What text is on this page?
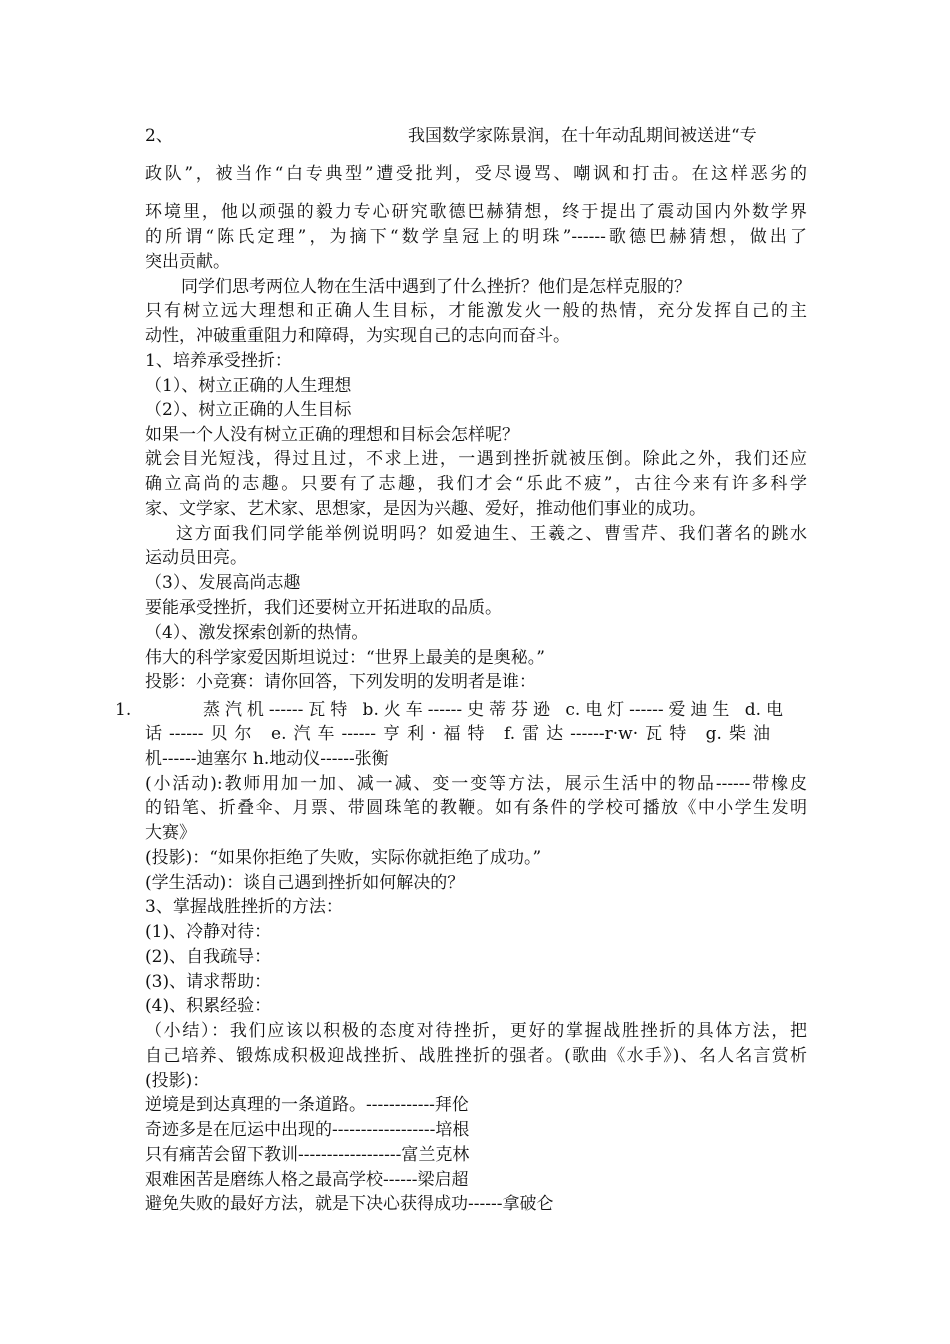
2、	我国数学家陈景润，在十年动乱期间被送进“专
政队”，被当作“白专典型”遭受批判，受尽谩骂、嘲讽和打击。在这样恶劣的
环境里，他以顽强的毅力专心研究歌德巴赫猜想，终于提出了震动国内外数学界
的所谓“陈氏定理”，为摘下“数学皇冠上的明珠”------歌德巴赫猜想，做出了
突出贡献。
同学们思考两位人物在生活中遇到了什么挫折？他们是怎样克服的？
只有树立远大理想和正确人生目标，才能激发火一般的热情，充分发挥自己的主
动性，冲破重重阻力和障碍，为实现自己的志向而奋斗。
1、培养承受挫折：
（1）、树立正确的人生理想
（2）、树立正确的人生目标
如果一个人没有树立正确的理想和目标会怎样呢？
就会目光短浅，得过且过，不求上进，一遇到挫折就被压倒。除此之外，我们还应
确立高尚的志趣。只要有了志趣，我们才会“乐此不疲”，古往今来有许多科学
家、文学家、艺术家、思想家，是因为兴趣、爱好，推动他们事业的成功。
这方面我们同学能举例说明吗？如爱迪生、王羲之、曹雪芹、我们著名的跳水
运动员田亮。
（3）、发展高尚志趣
要能承受挫折，我们还要树立开拓进取的品质。
（4）、激发探索创新的热情。
伟大的科学家爱因斯坦说过：“世界上最美的是奥秘。”
投影：小竞赛：请你回答，下列发明的发明者是谁：
1.	蒸汽机------瓦特 b.火车------史蒂芬逊 c.电灯------爱迪生 d.电
话------贝尔 e.汽车------亨利·福特 f.雷达------r·w·瓦特 g.柴油
机------迪塞尔 h.地动仪------张衡
(小活动):教师用加一加、减一减、变一变等方法，展示生活中的物品------带橡皮
的铅笔、折叠伞、月票、带圆珠笔的教鞭。如有条件的学校可播放《中小学生发明
大赛》
(投影)：“如果你拒绝了失败，实际你就拒绝了成功。”
(学生活动)：谈自己遇到挫折如何解决的？
3、掌握战胜挫折的方法：
(1)、冷静对待：
(2)、自我疏导：
(3)、请求帮助：
(4)、积累经验：
（小结）：我们应该以积极的态度对待挫折，更好的掌握战胜挫折的具体方法，把
自己培养、锻炼成积极迎战挫折、战胜挫折的强者。(歌曲《水手》)、名人名言赏析
(投影)：
逆境是到达真理的一条道路。------------拜伦
奇迹多是在厄运中出现的------------------培根
只有痛苦会留下教训------------------富兰克林
艰难困苦是磨练人格之最高学校------梁启超
避免失败的最好方法，就是下决心获得成功------拿破仑
